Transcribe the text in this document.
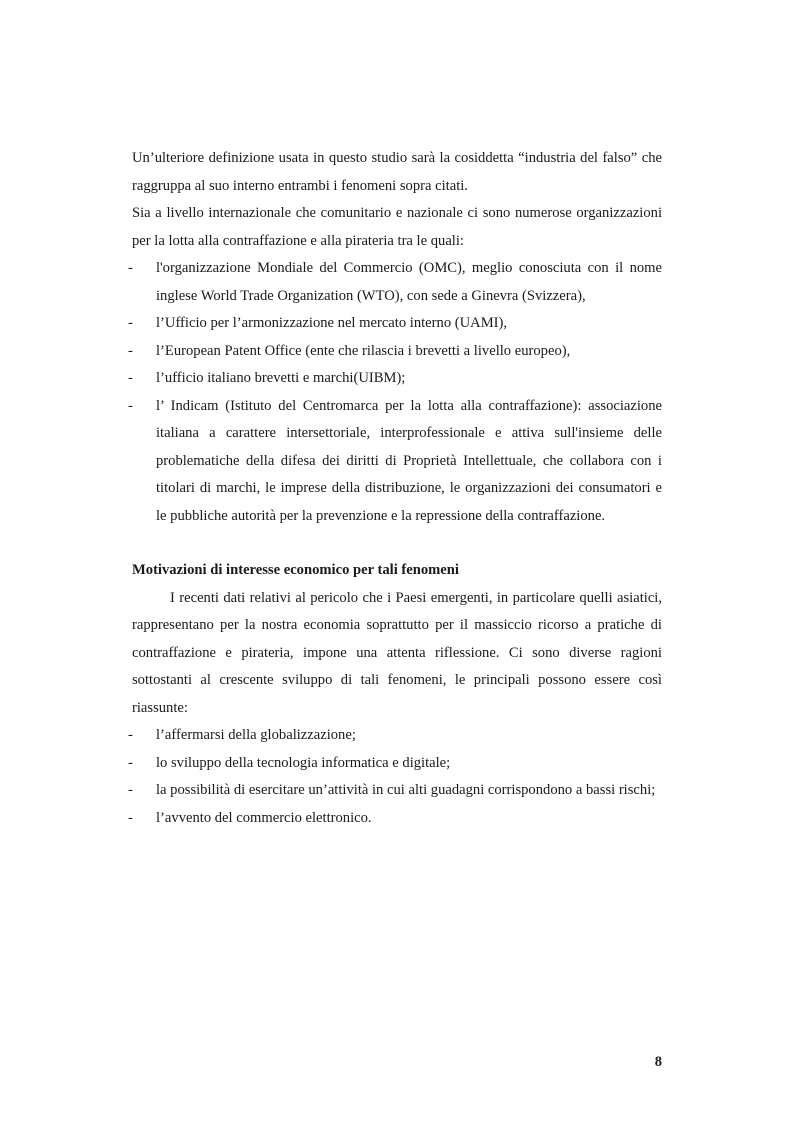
Un’ulteriore definizione usata in questo studio sarà la cosiddetta “industria del falso” che raggruppa al suo interno entrambi i fenomeni sopra citati.

Sia a livello internazionale che comunitario e nazionale ci sono numerose organizzazioni per la lotta alla contraffazione e alla pirateria tra le quali:

- l'organizzazione Mondiale del Commercio (OMC), meglio conosciuta con il nome inglese World Trade Organization (WTO), con sede a Ginevra (Svizzera),
- l’Ufficio per l’armonizzazione nel mercato interno (UAMI),
- l’European Patent Office (ente che rilascia i brevetti a livello europeo),
- l’ufficio italiano brevetti e marchi(UIBM);
- l’ Indicam (Istituto del Centromarca per la lotta alla contraffazione): associazione italiana a carattere intersettoriale, interprofessionale e attiva sull'insieme delle problematiche della difesa dei diritti di Proprietà Intellettuale, che collabora con i titolari di marchi, le imprese della distribuzione, le organizzazioni dei consumatori e le pubbliche autorità per la prevenzione e la repressione della contraffazione.
Motivazioni di interesse economico per tali fenomeni

I recenti dati relativi al pericolo che i Paesi emergenti, in particolare quelli asiatici, rappresentano per la nostra economia soprattutto per il massiccio ricorso a pratiche di contraffazione e pirateria, impone una attenta riflessione. Ci sono diverse ragioni sottostanti al crescente sviluppo di tali fenomeni, le principali possono essere così riassunte:

- l’affermarsi della globalizzazione;
- lo sviluppo della tecnologia informatica e digitale;
- la possibilità di esercitare un’attività in cui alti guadagni corrispondono a bassi rischi;
- l’avvento del commercio elettronico.
8
